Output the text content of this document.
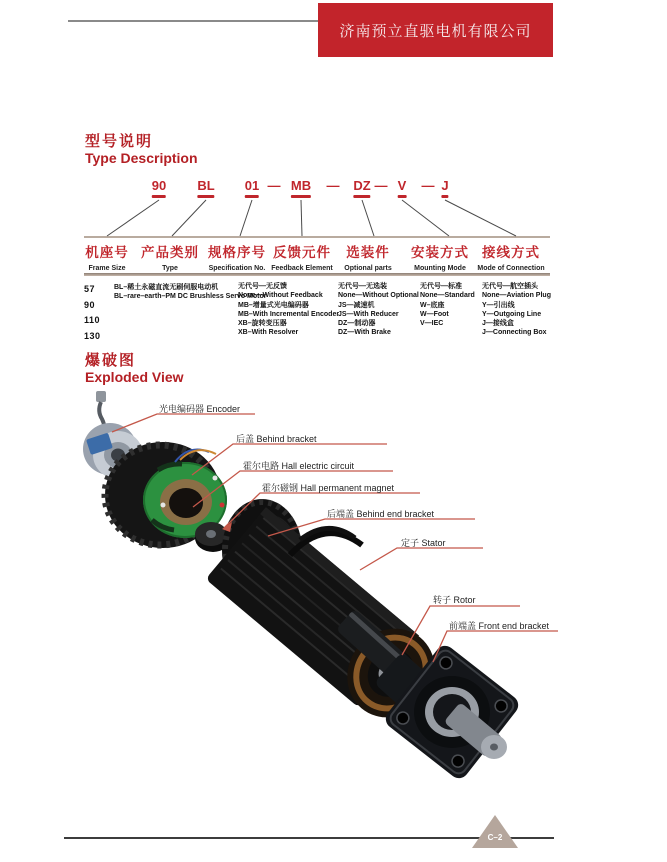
济南预立直驱电机有限公司
型号说明
Type Description
90 BL 01 — MB — DZ — V — J
机座号
Frame Size
产品类别
Type
规格序号
Specification No.
反馈元件
Feedback Element
选装件
Optional parts
安装方式
Mounting Mode
接线方式
Mode of Connection
57
90
110
130
BL–稀土永磁直流无刷伺服电动机
BL–rare–earth–PM DC Brushless Servo Motor
无代号—无反馈
None—Without Feedback
MB–增量式光电编码器
MB–With Incremental Encoder
XB–旋转变压器
XB–With Resolver
无代号—无选装
None—Without Optional
JS—减速机
JS—With Reducer
DZ—制动器
DZ—With Brake
无代号—标准
None—Standard
W–底座
W—Foot
V—IEC
无代号—航空插头
None—Aviation Plug
Y—引出线
Y—Outgoing Line
J—接线盒
J—Connecting Box
爆破图
Exploded View
光电编码器 Encoder
后盖 Behind bracket
霍尔电路 Hall electric circuit
霍尔磁钢 Hall permanent magnet
后端盖 Behind end bracket
定子 Stator
转子 Rotor
前端盖 Front end bracket
C–2
